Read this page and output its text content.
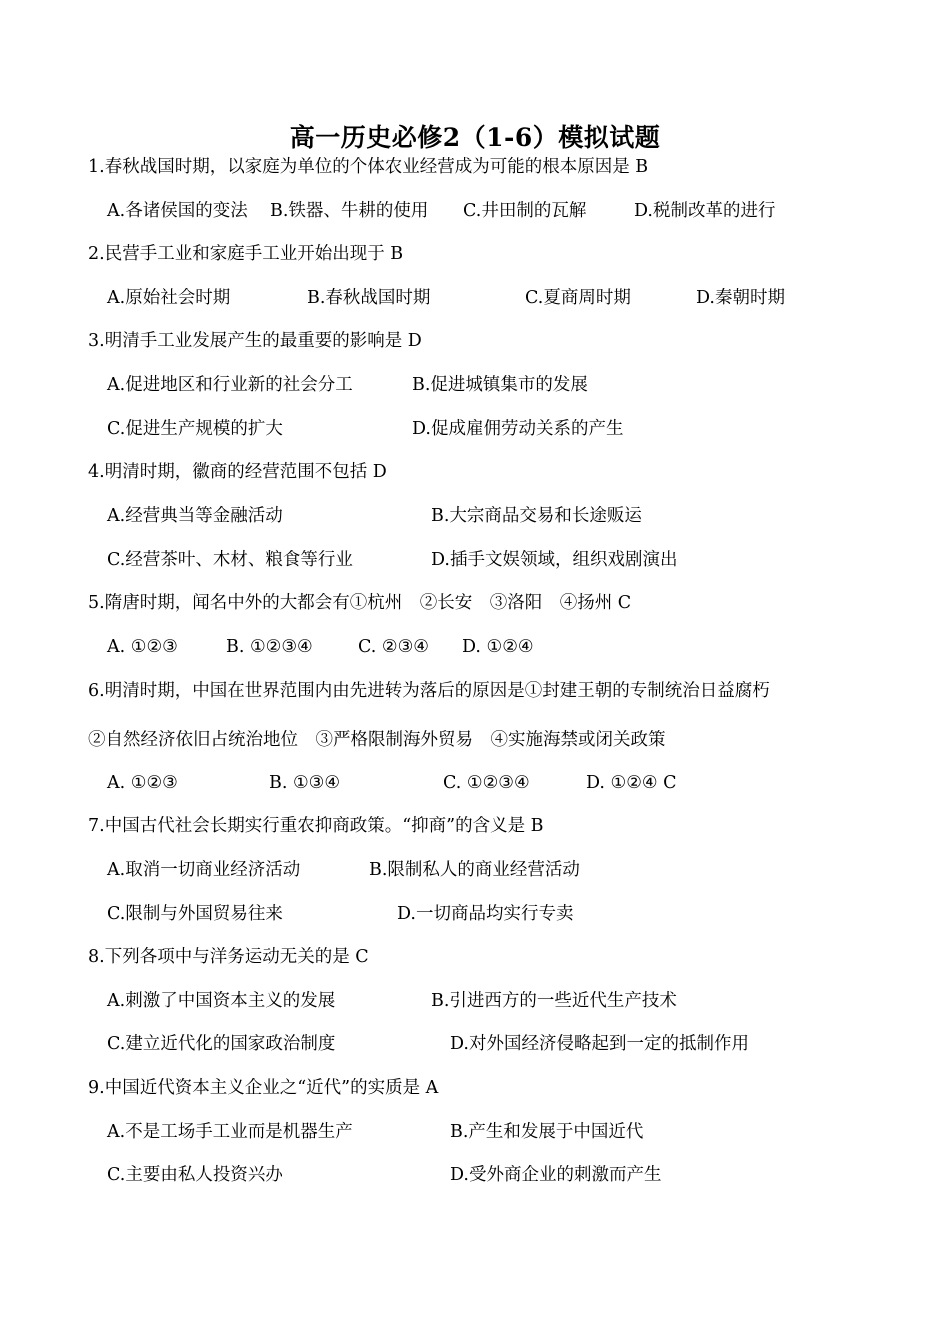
高一历史必修2（1-6）模拟试题
1.春秋战国时期，以家庭为单位的个体农业经营成为可能的根本原因是 B
A.各诸侯国的变法 B.铁器、牛耕的使用 C.井田制的瓦解	D.税制改革的进行
2.民营手工业和家庭手工业开始出现于 B
A.原始社会时期	B.春秋战国时期	C.夏商周时期	D.秦朝时期
3.明清手工业发展产生的最重要的影响是 D
A.促进地区和行业新的社会分工	B.促进城镇集市的发展
C.促进生产规模的扩大	D.促成雇佣劳动关系的产生
4.明清时期，徽商的经营范围不包括 D
A.经营典当等金融活动	B.大宗商品交易和长途贩运
C.经营茶叶、木材、粮食等行业	D.插手文娱领域，组织戏剧演出
5.隋唐时期，闻名中外的大都会有①杭州　②长安　③洛阳　④扬州 C
A. ①②③	B. ①②③④	C. ②③④ D. ①②④
6.明清时期，中国在世界范围内由先进转为落后的原因是①封建王朝的专制统治日益腐朽
②自然经济依旧占统治地位　③严格限制海外贸易　④实施海禁或闭关政策
A. ①②③	B. ①③④	C. ①②③④	D. ①②④ C
7.中国古代社会长期实行重农抑商政策。“抑商”的含义是 B
A.取消一切商业经济活动	B.限制私人的商业经营活动
C.限制与外国贸易往来	D.一切商品均实行专卖
8.下列各项中与洋务运动无关的是 C
A.刺激了中国资本主义的发展	B.引进西方的一些近代生产技术
C.建立近代化的国家政治制度	D.对外国经济侵略起到一定的抵制作用
9.中国近代资本主义企业之“近代”的实质是 A
A.不是工场手工业而是机器生产	B.产生和发展于中国近代
C.主要由私人投资兴办	D.受外商企业的刺激而产生
